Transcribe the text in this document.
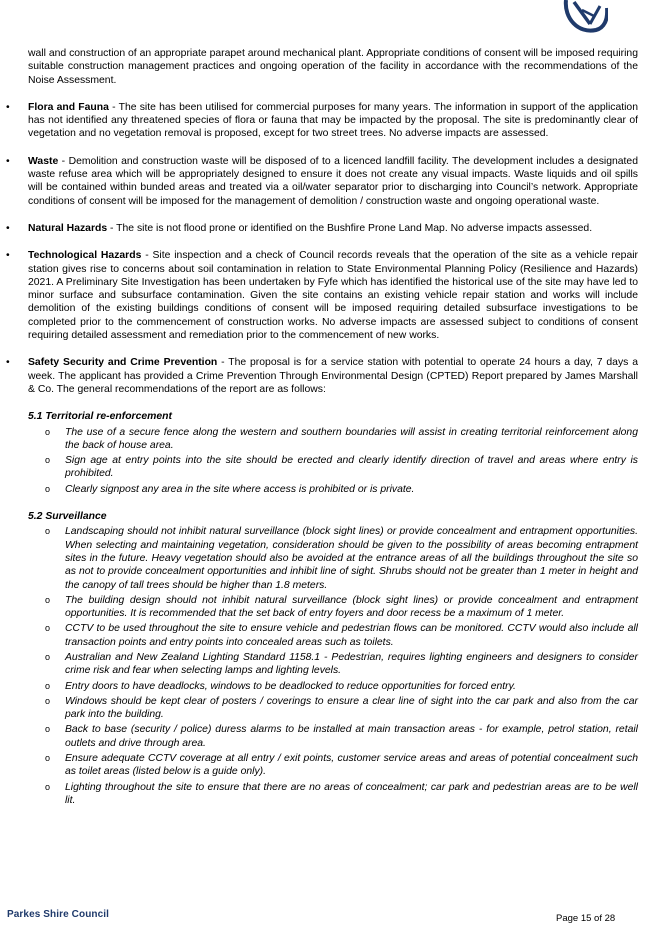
wall and construction of an appropriate parapet around mechanical plant. Appropriate conditions of consent will be imposed requiring suitable construction management practices and ongoing operation of the facility in accordance with the recommendations of the Noise Assessment.

• Flora and Fauna - The site has been utilised for commercial purposes for many years. The information in support of the application has not identified any threatened species of flora or fauna that may be impacted by the proposal. The site is predominantly clear of vegetation and no vegetation removal is proposed, except for two street trees. No adverse impacts are assessed.
• Waste - Demolition and construction waste will be disposed of to a licenced landfill facility. The development includes a designated waste refuse area which will be appropriately designed to ensure it does not create any visual impacts. Waste liquids and oil spills will be contained within bunded areas and treated via a oil/water separator prior to discharging into Council’s network. Appropriate conditions of consent will be imposed for the management of demolition / construction waste and ongoing operational waste.
• Natural Hazards - The site is not flood prone or identified on the Bushfire Prone Land Map. No adverse impacts assessed.
• Technological Hazards - Site inspection and a check of Council records reveals that the operation of the site as a vehicle repair station gives rise to concerns about soil contamination in relation to State Environmental Planning Policy (Resilience and Hazards) 2021. A Preliminary Site Investigation has been undertaken by Fyfe which has identified the historical use of the site may have led to minor surface and subsurface contamination. Given the site contains an existing vehicle repair station and works will include demolition of the existing buildings conditions of consent will be imposed requiring detailed subsurface investigations to be completed prior to the commencement of construction works. No adverse impacts are assessed subject to conditions of consent requiring detailed assessment and remediation prior to the commencement of new works.
• Safety Security and Crime Prevention - The proposal is for a service station with potential to operate 24 hours a day, 7 days a week. The applicant has provided a Crime Prevention Through Environmental Design (CPTED) Report prepared by James Marshall & Co. The general recommendations of the report are as follows:
5.1 Territorial re-enforcement
o The use of a secure fence along the western and southern boundaries will assist in creating territorial reinforcement along the back of house area.
o Sign age at entry points into the site should be erected and clearly identify direction of travel and areas where entry is prohibited.
o Clearly signpost any area in the site where access is prohibited or is private.
5.2 Surveillance
o Landscaping should not inhibit natural surveillance (block sight lines) or provide concealment and entrapment opportunities. When selecting and maintaining vegetation, consideration should be given to the possibility of areas becoming entrapment sites in the future. Heavy vegetation should also be avoided at the entrance areas of all the buildings throughout the site so as not to provide concealment opportunities and inhibit line of sight. Shrubs should not be greater than 1 meter in height and the canopy of tall trees should be higher than 1.8 meters.
o The building design should not inhibit natural surveillance (block sight lines) or provide concealment and entrapment opportunities. It is recommended that the set back of entry foyers and door recess be a maximum of 1 meter.
o CCTV to be used throughout the site to ensure vehicle and pedestrian flows can be monitored. CCTV would also include all transaction points and entry points into concealed areas such as toilets.
o Australian and New Zealand Lighting Standard 1158.1 - Pedestrian, requires lighting engineers and designers to consider crime risk and fear when selecting lamps and lighting levels.
o Entry doors to have deadlocks, windows to be deadlocked to reduce opportunities for forced entry.
o Windows should be kept clear of posters / coverings to ensure a clear line of sight into the car park and also from the car park into the building.
o Back to base (security / police) duress alarms to be installed at main transaction areas - for example, petrol station, retail outlets and drive through area.
o Ensure adequate CCTV coverage at all entry / exit points, customer service areas and areas of potential concealment such as toilet areas (listed below is a guide only).
o Lighting throughout the site to ensure that there are no areas of concealment; car park and pedestrian areas are to be well lit.
Parkes Shire Council	Page 15 of 28
